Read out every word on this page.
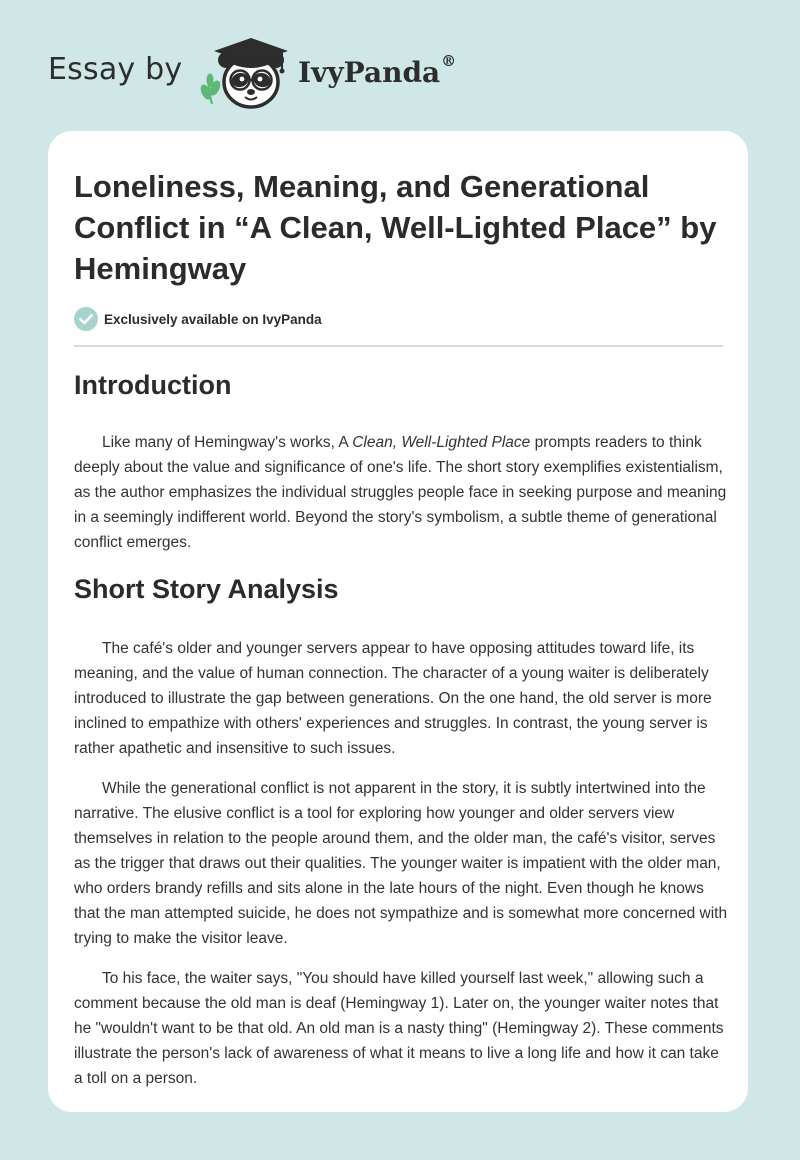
Essay by	IvyPanda®
Loneliness, Meaning, and Generational Conflict in “A Clean, Well-Lighted Place” by Hemingway
Exclusively available on IvyPanda
Introduction

Like many of Hemingway's works, A Clean, Well-Lighted Place prompts readers to think deeply about the value and significance of one's life. The short story exemplifies existentialism, as the author emphasizes the individual struggles people face in seeking purpose and meaning in a seemingly indifferent world. Beyond the story's symbolism, a subtle theme of generational conflict emerges.

Short Story Analysis

The café's older and younger servers appear to have opposing attitudes toward life, its meaning, and the value of human connection. The character of a young waiter is deliberately introduced to illustrate the gap between generations. On the one hand, the old server is more inclined to empathize with others' experiences and struggles. In contrast, the young server is rather apathetic and insensitive to such issues.

While the generational conflict is not apparent in the story, it is subtly intertwined into the narrative. The elusive conflict is a tool for exploring how younger and older servers view themselves in relation to the people around them, and the older man, the café's visitor, serves as the trigger that draws out their qualities. The younger waiter is impatient with the older man, who orders brandy refills and sits alone in the late hours of the night. Even though he knows that the man attempted suicide, he does not sympathize and is somewhat more concerned with trying to make the visitor leave.

To his face, the waiter says, "You should have killed yourself last week," allowing such a comment because the old man is deaf (Hemingway 1). Later on, the younger waiter notes that he "wouldn't want to be that old. An old man is a nasty thing" (Hemingway 2). These comments illustrate the person's lack of awareness of what it means to live a long life and how it can take a toll on a person.
